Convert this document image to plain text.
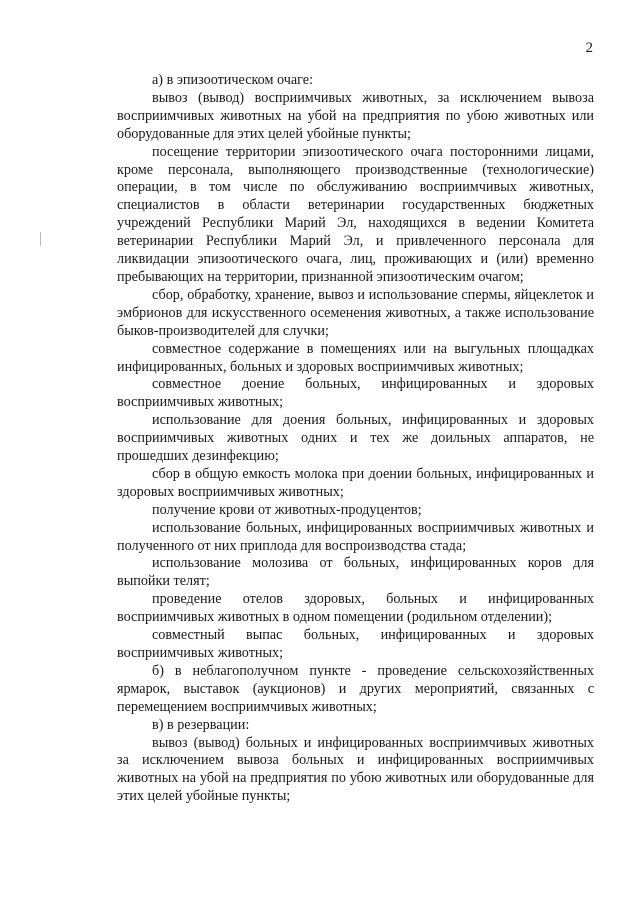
2

а) в эпизоотическом очаге:

вывоз (вывод) восприимчивых животных, за исключением вывоза восприимчивых животных на убой на предприятия по убою животных или оборудованные для этих целей убойные пункты;

посещение территории эпизоотического очага посторонними лицами, кроме персонала, выполняющего производственные (технологические) операции, в том числе по обслуживанию восприимчивых животных, специалистов в области ветеринарии государственных бюджетных учреждений Республики Марий Эл, находящихся в ведении Комитета ветеринарии Республики Марий Эл, и привлеченного персонала для ликвидации эпизоотического очага, лиц, проживающих и (или) временно пребывающих на территории, признанной эпизоотическим очагом;

сбор, обработку, хранение, вывоз и использование спермы, яйцеклеток и эмбрионов для искусственного осеменения животных, а также использование быков-производителей для случки;

совместное содержание в помещениях или на выгульных площадках инфицированных, больных и здоровых восприимчивых животных;

совместное доение больных, инфицированных и здоровых восприимчивых животных;

использование для доения больных, инфицированных и здоровых восприимчивых животных одних и тех же доильных аппаратов, не прошедших дезинфекцию;

сбор в общую емкость молока при доении больных, инфицированных и здоровых восприимчивых животных;

получение крови от животных-продуцентов;

использование больных, инфицированных восприимчивых животных и полученного от них приплода для воспроизводства стада;

использование молозива от больных, инфицированных коров для выпойки телят;

проведение отелов здоровых, больных и инфицированных восприимчивых животных в одном помещении (родильном отделении);

совместный выпас больных, инфицированных и здоровых восприимчивых животных;

б) в неблагополучном пункте - проведение сельскохозяйственных ярмарок, выставок (аукционов) и других мероприятий, связанных с перемещением восприимчивых животных;

в) в резервации:

вывоз (вывод) больных и инфицированных восприимчивых животных за исключением вывоза больных и инфицированных восприимчивых животных на убой на предприятия по убою животных или оборудованные для этих целей убойные пункты;
